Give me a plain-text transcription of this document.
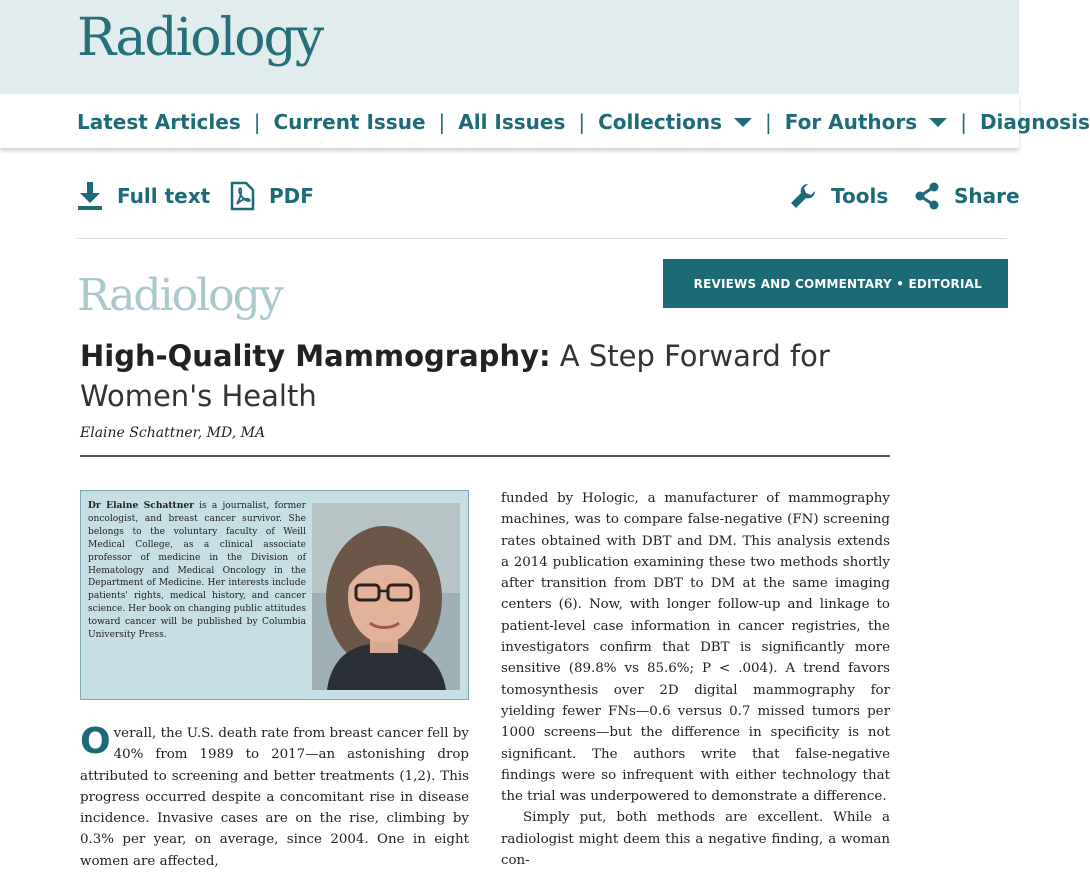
Radiology
Latest Articles | Current Issue | All Issues | Collections | For Authors | Diagnosis
Full text	PDF	Tools	Share
Radiology	REVIEWS AND COMMENTARY • EDITORIAL
High-Quality Mammography: A Step Forward for Women's Health
Elaine Schattner, MD, MA
Dr Elaine Schattner is a journalist, former oncologist, and breast cancer survivor. She belongs to the voluntary faculty of Weill Medical College, as a clinical associate professor of medicine in the Division of Hematology and Medical Oncology in the Department of Medicine. Her interests include patients' rights, medical history, and cancer science. Her book on changing public attitudes toward cancer will be published by Columbia University Press.

Overall, the U.S. death rate from breast cancer fell by 40% from 1989 to 2017—an astonishing drop attributed to screening and better treatments (1,2). This progress occurred despite a concomitant rise in disease incidence. Invasive cases are on the rise, climbing by 0.3% per year, on average, since 2004. One in eight women are affected,

funded by Hologic, a manufacturer of mammography machines, was to compare false-negative (FN) screening rates obtained with DBT and DM. This analysis extends a 2014 publication examining these two methods shortly after transition from DBT to DM at the same imaging centers (6). Now, with longer follow-up and linkage to patient-level case information in cancer registries, the investigators confirm that DBT is significantly more sensitive (89.8% vs 85.6%; P < .004). A trend favors tomosynthesis over 2D digital mammography for yielding fewer FNs—0.6 versus 0.7 missed tumors per 1000 screens—but the difference in specificity is not significant. The authors write that false-negative findings were so infrequent with either technology that the trial was underpowered to demonstrate a difference.

Simply put, both methods are excellent. While a radiologist might deem this a negative finding, a woman con-
